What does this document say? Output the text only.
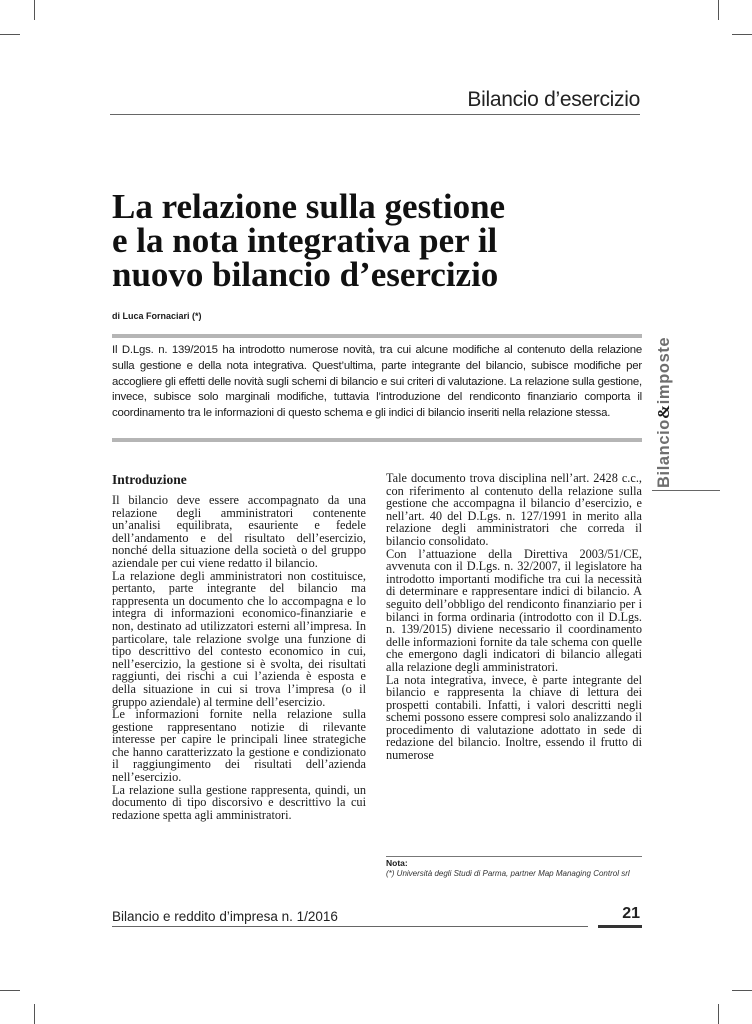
Bilancio d’esercizio
La relazione sulla gestione
e la nota integrativa per il
nuovo bilancio d’esercizio
di Luca Fornaciari (*)

Il D.Lgs. n. 139/2015 ha introdotto numerose novità, tra cui alcune modifiche al contenuto della relazione sulla gestione e della nota integrativa. Quest’ultima, parte integrante del bilancio, subisce modifiche per accogliere gli effetti delle novità sugli schemi di bilancio e sui criteri di valutazione. La relazione sulla gestione, invece, subisce solo marginali modifiche, tuttavia l’introduzione del rendiconto finanziario comporta il coordinamento tra le informazioni di questo schema e gli indici di bilancio inseriti nella relazione stessa.

Bilancio&imposte
Introduzione

Il bilancio deve essere accompagnato da una relazione degli amministratori contenente un’analisi equilibrata, esauriente e fedele dell’andamento e del risultato dell’esercizio, nonché della situazione della società o del gruppo aziendale per cui viene redatto il bilancio.

La relazione degli amministratori non costituisce, pertanto, parte integrante del bilancio ma rappresenta un documento che lo accompagna e lo integra di informazioni economico-finanziarie e non, destinato ad utilizzatori esterni all’impresa. In particolare, tale relazione svolge una funzione di tipo descrittivo del contesto economico in cui, nell’esercizio, la gestione si è svolta, dei risultati raggiunti, dei rischi a cui l’azienda è esposta e della situazione in cui si trova l’impresa (o il gruppo aziendale) al termine dell’esercizio.

Le informazioni fornite nella relazione sulla gestione rappresentano notizie di rilevante interesse per capire le principali linee strategiche che hanno caratterizzato la gestione e condizionato il raggiungimento dei risultati dell’azienda nell’esercizio.

La relazione sulla gestione rappresenta, quindi, un documento di tipo discorsivo e descrittivo la cui redazione spetta agli amministratori.

Tale documento trova disciplina nell’art. 2428 c.c., con riferimento al contenuto della relazione sulla gestione che accompagna il bilancio d’esercizio, e nell’art. 40 del D.Lgs. n. 127/1991 in merito alla relazione degli amministratori che correda il bilancio consolidato.

Con l’attuazione della Direttiva 2003/51/CE, avvenuta con il D.Lgs. n. 32/2007, il legislatore ha introdotto importanti modifiche tra cui la necessità di determinare e rappresentare indici di bilancio. A seguito dell’obbligo del rendiconto finanziario per i bilanci in forma ordinaria (introdotto con il D.Lgs. n. 139/2015) diviene necessario il coordinamento delle informazioni fornite da tale schema con quelle che emergono dagli indicatori di bilancio allegati alla relazione degli amministratori.

La nota integrativa, invece, è parte integrante del bilancio e rappresenta la chiave di lettura dei prospetti contabili. Infatti, i valori descritti negli schemi possono essere compresi solo analizzando il procedimento di valutazione adottato in sede di redazione del bilancio. Inoltre, essendo il frutto di numerose

Nota:

(*) Università degli Studi di Parma, partner Map Managing Control srl

Bilancio e reddito d’impresa n. 1/2016	21
